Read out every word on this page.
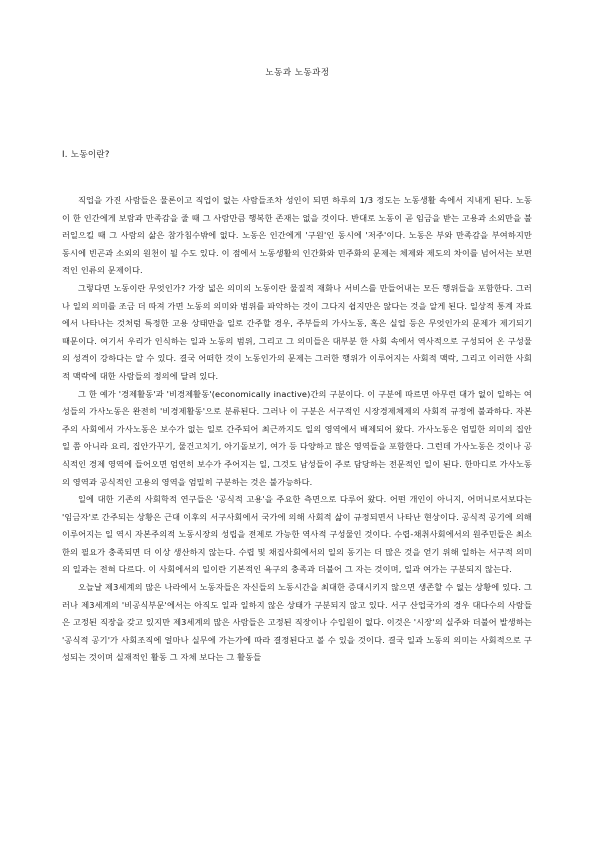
노동과 노동과정
I. 노동이란?

직업을 가진 사람들은 물론이고 직업이 없는 사람들조차 성인이 되면 하루의 1/3 정도는 노동생활 속에서 지내게 된다. 노동이 한 인간에게 보람과 만족감을 줄 때 그 사람만큼 행복한 존재는 없을 것이다. 반대로 노동이 곧 임금을 받는 고용과 소외만을 불러일으킬 때 그 사람의 삶은 참가침수밖에 없다. 노동은 인간에게 '구원'인 동시에 '저주'이다. 노동은 부와 만족감을 부여하지만 동시에 빈곤과 소외의 원천이 될 수도 있다. 이 점에서 노동생활의 인간화와 민주화의 문제는 체제와 제도의 차이를 넘어서는 보편적인 인류의 문제이다.

그렇다면 노동이란 무엇인가? 가장 넓은 의미의 노동이란 물질적 재화나 서비스를 만들어내는 모든 행위들을 포함한다. 그러나 일의 의미를 조금 더 따져 가면 노동의 의미와 범위를 파악하는 것이 그다지 쉽지만은 않다는 것을 알게 된다. 일상적 통계 자료에서 나타나는 것처럼 특정한 고용 상태만을 일로 간주할 경우, 주부들의 가사노동, 혹은 실업 등은 무엇인가의 문제가 제기되기 때문이다. 여기서 우리가 인식하는 일과 노동의 범위, 그리고 그 의미들은 대부분 한 사회 속에서 역사적으로 구성되어 온 구성물의 성격이 강하다는 알 수 있다. 결국 어떠한 것이 노동인가의 문제는 그러한 행위가 이루어지는 사회적 맥락, 그리고 이러한 사회적 맥락에 대한 사람들의 정의에 달려 있다.

그 한 예가 '경제활동'과 '비경제활동'(economically inactive)간의 구분이다. 이 구분에 따르면 아무런 대가 없이 일하는 여성들의 가사노동은 완전히 '비경제활동'으로 분류된다. 그러나 이 구분은 서구적인 시장경제체제의 사회적 규정에 불과하다. 자본주의 사회에서 가사노동은 보수가 없는 일로 간주되어 최근까지도 일의 영역에서 배제되어 왔다. 가사노동은 엄밀한 의미의 집안일 쯤 아니라 요리, 집안가꾸기, 물건고치기, 아기돌보기, 여가 등 다양하고 많은 영역들을 포함한다. 그런데 가사노동은 것이나 공식적인 경제 영역에 들어오면 엄연히 보수가 주어지는 일, 그것도 남성들이 주로 담당하는 전문적인 일이 된다. 한마디로 가사노동의 영역과 공식적인 고용의 영역을 엄밀히 구분하는 것은 불가능하다.

일에 대한 기존의 사회학적 연구들은 '공식적 고용'을 주요한 측면으로 다루어 왔다. 어떤 개인이 아니지, 어머니로서보다는 '임금자'로 간주되는 상황은 근대 이후의 서구사회에서 국가에 의해 사회적 삶이 규정되면서 나타난 현상이다. 공식적 공기에 의해 이루어지는 일 역시 자본주의적 노동시장의 성립을 전제로 가능한 역사적 구성물인 것이다. 수렵-채취사회에서의 원주민들은 최소한의 필요가 충족되면 더 이상 생산하지 않는다. 수렵 및 채집사회에서의 일의 동기는 더 많은 것을 얻기 위해 일하는 서구적 의미의 일과는 전혀 다르다. 이 사회에서의 일이란 기본적인 욕구의 충족과 더불어 그 자는 것이며, 일과 여가는 구분되지 않는다.

오늘날 제3세계의 많은 나라에서 노동자들은 자신들의 노동시간을 최대한 증대시키지 않으면 생존할 수 없는 상황에 있다. 그러나 제3세계의 '비공식부문'에서는 아직도 일과 일하지 않은 상태가 구분되지 않고 있다. 서구 산업국가의 경우 대다수의 사람들은 고정된 직장을 갖고 있지만 제3세계의 많은 사람들은 고정된 직장이나 수입원이 없다. 이것은 '시장'의 실주와 더불어 발생하는 '공식적 공기'가 사회조직에 얼마나 실무에 가는가에 따라 결정된다고 볼 수 있을 것이다. 결국 일과 노동의 의미는 사회적으로 구성되는 것이며 실재적인 활동 그 자체 보다는 그 활동들
